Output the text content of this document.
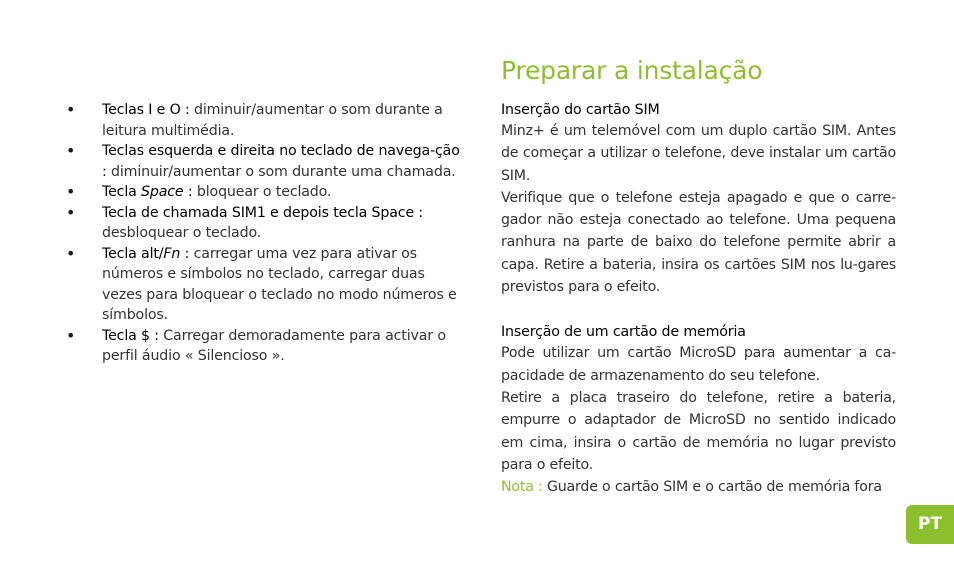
•	Teclas I e O : diminuir/aumentar o som durante a leitura multimédia.
•	Teclas esquerda e direita no teclado de navega-ção : diminuir/aumentar o som durante uma chamada.
•	Tecla Space : bloquear o teclado.
•	Tecla de chamada SIM1 e depois tecla Space : desbloquear o teclado.
•	Tecla alt/Fn : carregar uma vez para ativar os números e símbolos no teclado, carregar duas vezes para bloquear o teclado no modo números e símbolos.
•	Tecla $ : Carregar demoradamente para activar o perfil áudio « Silencioso ».
Preparar a instalação

Inserção do cartão SIM

Minz+ é um telemóvel com um duplo cartão SIM. Antes de começar a utilizar o telefone, deve instalar um cartão SIM.

Verifique que o telefone esteja apagado e que o carre-gador não esteja conectado ao telefone. Uma pequena ranhura na parte de baixo do telefone permite abrir a capa. Retire a bateria, insira os cartões SIM nos lu-gares previstos para o efeito.

Inserção de um cartão de memória

Pode utilizar um cartão MicroSD para aumentar a ca-pacidade de armazenamento do seu telefone.

Retire a placa traseiro do telefone, retire a bateria, empurre o adaptador de MicroSD no sentido indicado em cima, insira o cartão de memória no lugar previsto para o efeito.

Nota : Guarde o cartão SIM e o cartão de memória fora

PT
